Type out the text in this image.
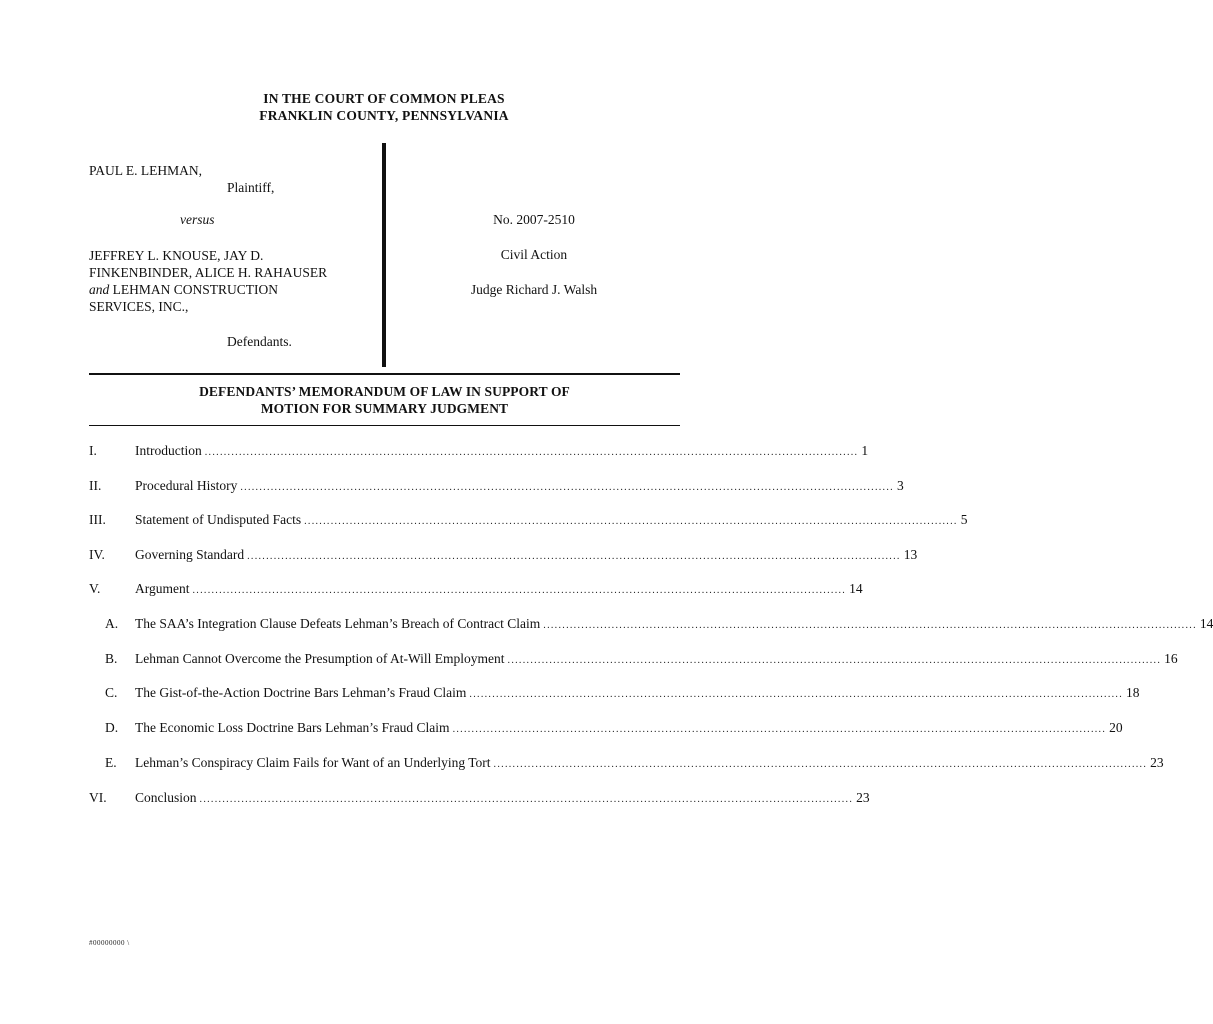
IN THE COURT OF COMMON PLEAS
FRANKLIN COUNTY, PENNSYLVANIA
PAUL E. LEHMAN,
Plaintiff,
versus
JEFFREY L. KNOUSE, JAY D.
FINKENBINDER, ALICE H. RAHAUSER
and LEHMAN CONSTRUCTION
SERVICES, INC.,
Defendants.
No. 2007-2510
Civil Action
Judge Richard J. Walsh
DEFENDANTS’ MEMORANDUM OF LAW IN SUPPORT OF
MOTION FOR SUMMARY JUDGMENT
I.	Introduction ............................................................................................................................................................................ 1
II. Procedural History ............................................................................................................................................................................ 3
III. Statement of Undisputed Facts ............................................................................................................................................................................ 5
IV. Governing Standard ............................................................................................................................................................................ 13
V.	Argument ............................................................................................................................................................................ 14
A. The SAA’s Integration Clause Defeats Lehman’s Breach of Contract Claim ............................................................................................................................................................................ 14
B. Lehman Cannot Overcome the Presumption of At-Will Employment ............................................................................................................................................................................ 16
C. The Gist-of-the-Action Doctrine Bars Lehman’s Fraud Claim ............................................................................................................................................................................ 18
D. The Economic Loss Doctrine Bars Lehman’s Fraud Claim ............................................................................................................................................................................ 20
E. Lehman’s Conspiracy Claim Fails for Want of an Underlying Tort ............................................................................................................................................................................ 23
VI. Conclusion ............................................................................................................................................................................ 23
#00000000 \
